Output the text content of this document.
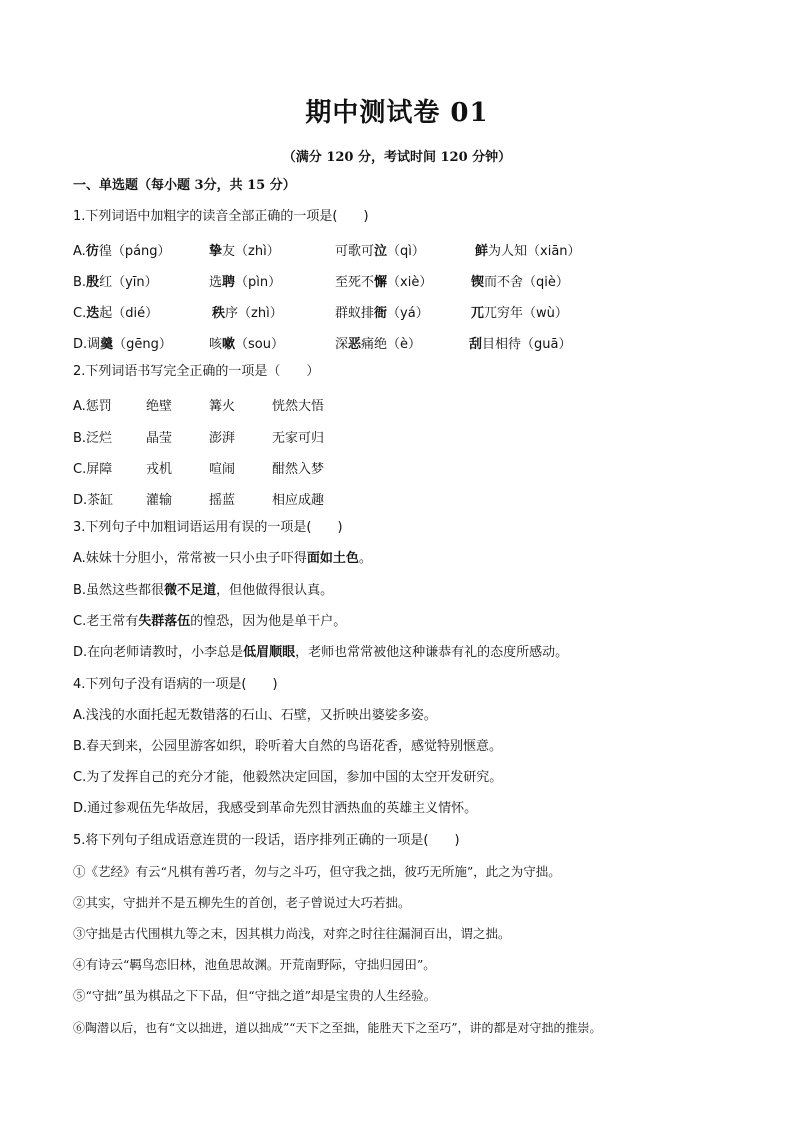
期中测试卷 01
（满分 120 分，考试时间 120 分钟）
一、单选题（每小题 3分，共 15 分）
1.下列词语中加粗字的读音全部正确的一项是(　　)
A.彷徨（páng）	挚友（zhì）	可歌可泣（qì）	鲜为人知（xiān）
B.殷红（yīn）	选聘（pìn）	至死不懈（xiè）	锲而不舍（qiè）
C.迭起（dié）	秩序（zhì）	群蚁排衙（yá）	兀兀穷年（wù）
D.调羹（gēng）	咳嗽（sou）	深恶痛绝（è）	刮目相待（guā）
2.下列词语书写完全正确的一项是（　　）
A.惩罚	绝壁	篝火	恍然大悟
B.泛烂	晶莹	澎湃	无家可归
C.屏障	戎机	喧闹	酣然入梦
D.茶缸	灌输	摇蓝	相应成趣
3.下列句子中加粗词语运用有误的一项是(　　)
A.妹妹十分胆小，常常被一只小虫子吓得面如土色。
B.虽然这些都很微不足道，但他做得很认真。
C.老王常有失群落伍的惶恐，因为他是单干户。
D.在向老师请教时，小李总是低眉顺眼，老师也常常被他这种谦恭有礼的态度所感动。
4.下列句子没有语病的一项是(　　)
A.浅浅的水面托起无数错落的石山、石壁，又折映出婆娑多姿。
B.春天到来，公园里游客如织，聆听着大自然的鸟语花香，感觉特别惬意。
C.为了发挥自己的充分才能，他毅然决定回国，参加中国的太空开发研究。
D.通过参观伍先华故居，我感受到革命先烈甘洒热血的英雄主义情怀。
5.将下列句子组成语意连贯的一段话，语序排列正确的一项是(　　)
①《艺经》有云“凡棋有善巧者，勿与之斗巧，但守我之拙，彼巧无所施”，此之为守拙。
②其实，守拙并不是五柳先生的首创，老子曾说过大巧若拙。
③守拙是古代围棋九等之末，因其棋力尚浅，对弈之时往往漏洞百出，谓之拙。
④有诗云“羁鸟恋旧林，池鱼思故渊。开荒南野际，守拙归园田”。
⑤“守拙”虽为棋品之下下品，但“守拙之道”却是宝贵的人生经验。
⑥陶潜以后，也有“文以拙进，道以拙成”“天下之至拙，能胜天下之至巧”，讲的都是对守拙的推崇。
